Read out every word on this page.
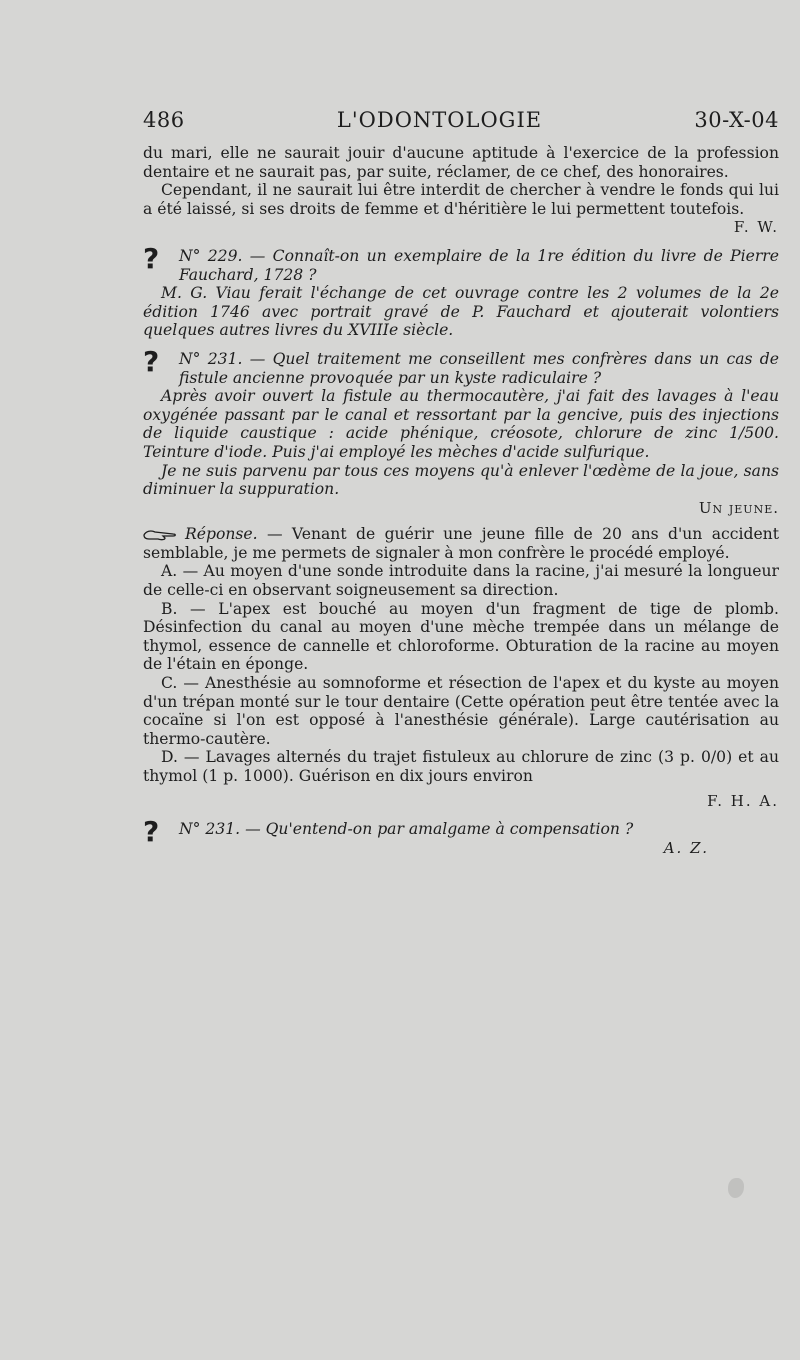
486	L'ODONTOLOGIE	30-X-04

du mari, elle ne saurait jouir d'aucune aptitude à l'exercice de la profession dentaire et ne saurait pas, par suite, réclamer, de ce chef, des honoraires.

Cependant, il ne saurait lui être interdit de chercher à vendre le fonds qui lui a été laissé, si ses droits de femme et d'héritière le lui permettent toutefois.

F. W.

? N° 229. — Connaît-on un exemplaire de la 1re édition du livre de Pierre Fauchard, 1728 ?

M. G. Viau ferait l'échange de cet ouvrage contre les 2 volumes de la 2e édition 1746 avec portrait gravé de P. Fauchard et ajouterait volontiers quelques autres livres du XVIIIe siècle.

? N° 231. — Quel traitement me conseillent mes confrères dans un cas de fistule ancienne provoquée par un kyste radiculaire ?

Après avoir ouvert la fistule au thermocautère, j'ai fait des lavages à l'eau oxygénée passant par le canal et ressortant par la gencive, puis des injections de liquide caustique : acide phénique, créosote, chlorure de zinc 1/500. Teinture d'iode. Puis j'ai employé les mèches d'acide sulfurique.

Je ne suis parvenu par tous ces moyens qu'à enlever l'œdème de la joue, sans diminuer la suppuration.

Un jeune.

Réponse. — Venant de guérir une jeune fille de 20 ans d'un accident semblable, je me permets de signaler à mon confrère le procédé employé.

A. — Au moyen d'une sonde introduite dans la racine, j'ai mesuré la longueur de celle-ci en observant soigneusement sa direction.

B. — L'apex est bouché au moyen d'un fragment de tige de plomb. Désinfection du canal au moyen d'une mèche trempée dans un mélange de thymol, essence de cannelle et chloroforme. Obturation de la racine au moyen de l'étain en éponge.

C. — Anesthésie au somnoforme et résection de l'apex et du kyste au moyen d'un trépan monté sur le tour dentaire (Cette opération peut être tentée avec la cocaïne si l'on est opposé à l'anesthésie générale). Large cautérisation au thermo-cautère.

D. — Lavages alternés du trajet fistuleux au chlorure de zinc (3 p. 0/0) et au thymol (1 p. 1000). Guérison en dix jours environ

F. H. A.

? N° 231. — Qu'entend-on par amalgame à compensation ?

A. Z.
